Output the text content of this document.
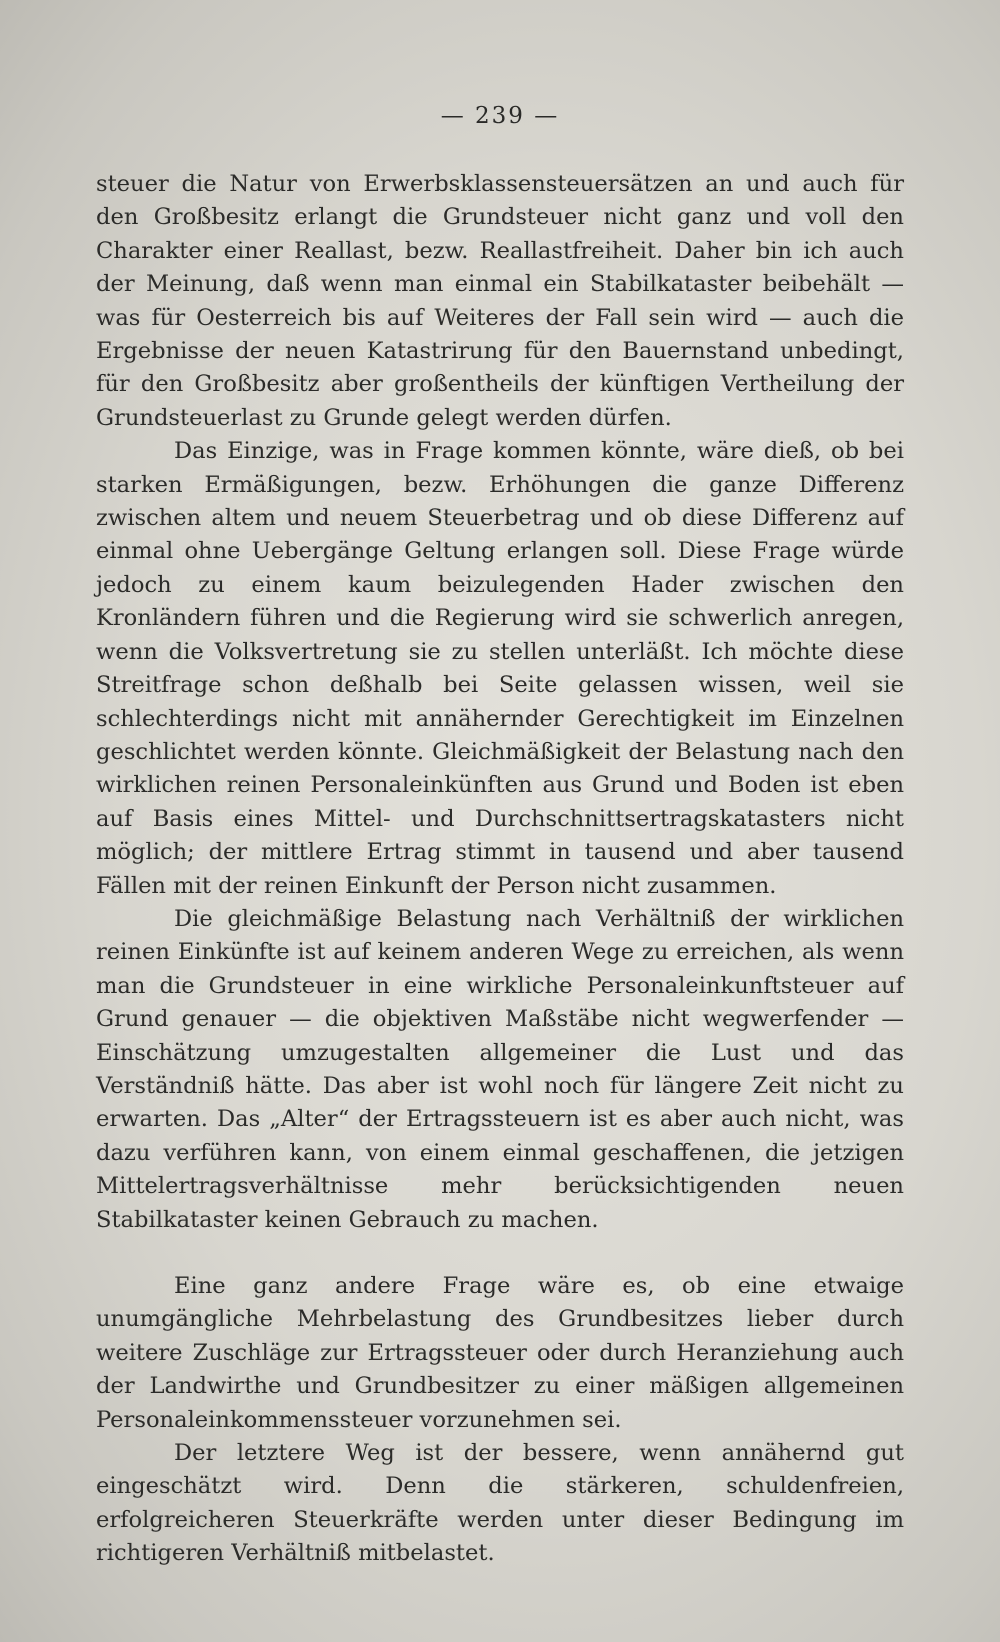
— 239 —

steuer die Natur von Erwerbsklassensteuersätzen an und auch für den Großbesitz erlangt die Grundsteuer nicht ganz und voll den Charakter einer Reallast, bezw. Reallastfreiheit. Daher bin ich auch der Meinung, daß wenn man einmal ein Stabilkataster beibehält — was für Oesterreich bis auf Weiteres der Fall sein wird — auch die Ergebnisse der neuen Katastrirung für den Bauernstand unbedingt, für den Großbesitz aber großentheils der künftigen Vertheilung der Grundsteuerlast zu Grunde gelegt werden dürfen.

Das Einzige, was in Frage kommen könnte, wäre dieß, ob bei starken Ermäßigungen, bezw. Erhöhungen die ganze Differenz zwischen altem und neuem Steuerbetrag und ob diese Differenz auf einmal ohne Uebergänge Geltung erlangen soll. Diese Frage würde jedoch zu einem kaum beizulegenden Hader zwischen den Kronländern führen und die Regierung wird sie schwerlich anregen, wenn die Volksvertretung sie zu stellen unterläßt. Ich möchte diese Streitfrage schon deßhalb bei Seite gelassen wissen, weil sie schlechterdings nicht mit annähernder Gerechtigkeit im Einzelnen geschlichtet werden könnte. Gleichmäßigkeit der Belastung nach den wirklichen reinen Personaleinkünften aus Grund und Boden ist eben auf Basis eines Mittel- und Durchschnittsertragskatasters nicht möglich; der mittlere Ertrag stimmt in tausend und aber tausend Fällen mit der reinen Einkunft der Person nicht zusammen.

Die gleichmäßige Belastung nach Verhältniß der wirklichen reinen Einkünfte ist auf keinem anderen Wege zu erreichen, als wenn man die Grundsteuer in eine wirkliche Personaleinkunftsteuer auf Grund genauer — die objektiven Maßstäbe nicht wegwerfender — Einschätzung umzugestalten allgemeiner die Lust und das Verständniß hätte. Das aber ist wohl noch für längere Zeit nicht zu erwarten. Das „Alter“ der Ertragssteuern ist es aber auch nicht, was dazu verführen kann, von einem einmal geschaffenen, die jetzigen Mittelertragsverhältnisse mehr berücksichtigenden neuen Stabilkataster keinen Gebrauch zu machen.

Eine ganz andere Frage wäre es, ob eine etwaige unumgängliche Mehrbelastung des Grundbesitzes lieber durch weitere Zuschläge zur Ertragssteuer oder durch Heranziehung auch der Landwirthe und Grundbesitzer zu einer mäßigen allgemeinen Personaleinkommenssteuer vorzunehmen sei.

Der letztere Weg ist der bessere, wenn annähernd gut eingeschätzt wird. Denn die stärkeren, schuldenfreien, erfolgreicheren Steuerkräfte werden unter dieser Bedingung im richtigeren Verhältniß mitbelastet.
